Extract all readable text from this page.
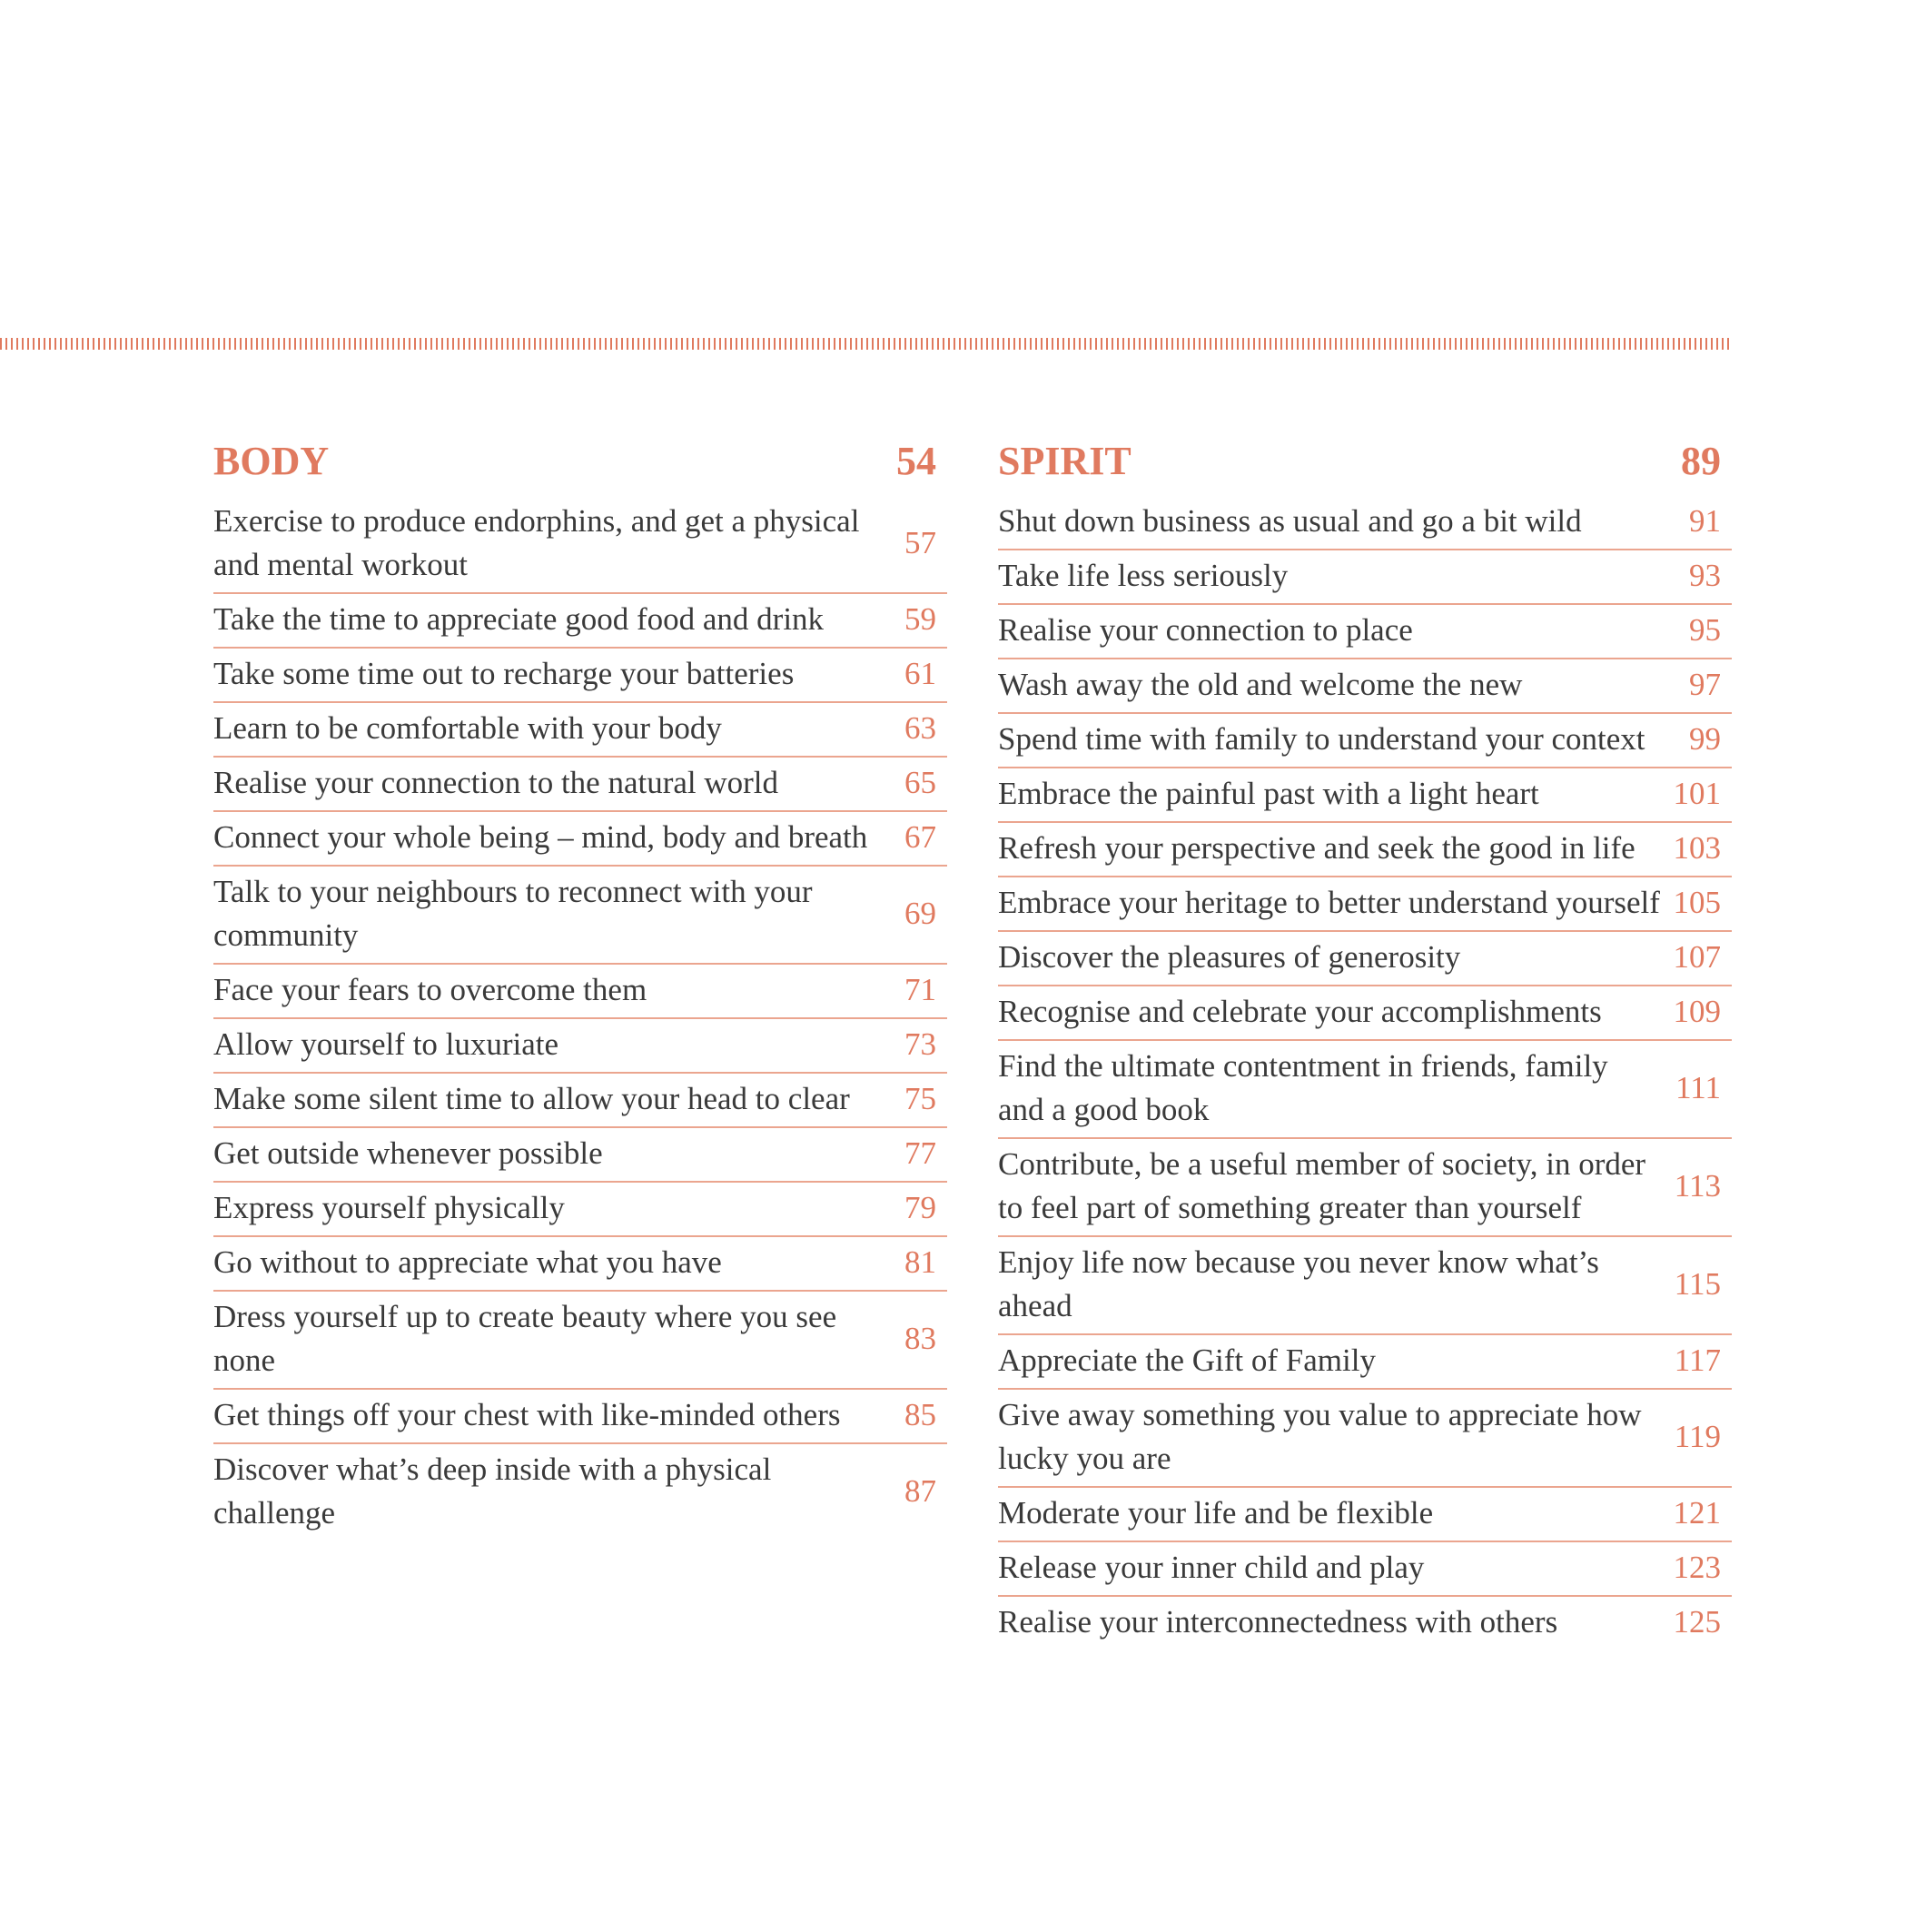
BODY	54
Exercise to produce endorphins, and get a physical and mental workout
57
Take the time to appreciate good food and drink	59
Take some time out to recharge your batteries	61
Learn to be comfortable with your body	63
Realise your connection to the natural world	65
Connect your whole being – mind, body and breath	67
Talk to your neighbours to reconnect with your community
69
Face your fears to overcome them	71
Allow yourself to luxuriate	73
Make some silent time to allow your head to clear	75
Get outside whenever possible	77
Express yourself physically	79
Go without to appreciate what you have	81
Dress yourself up to create beauty where you see none
83
Get things off your chest with like-minded others	85
Discover what’s deep inside with a physical challenge
87
SPIRIT	89
Shut down business as usual and go a bit wild	91
Take life less seriously	93
Realise your connection to place	95
Wash away the old and welcome the new	97
Spend time with family to understand your context	99
Embrace the painful past with a light heart	101
Refresh your perspective and seek the good in life 103
Embrace your heritage to better understand yourself 105
Discover the pleasures of generosity	107
Recognise and celebrate your accomplishments 109
Find the ultimate contentment in friends, family and a good book
111
Contribute, be a useful member of society, in order to feel part of something greater than yourself
113
Enjoy life now because you never know what’s ahead
115
Appreciate the Gift of Family	117
Give away something you value to appreciate how lucky you are
119
Moderate your life and be flexible	121
Release your inner child and play	123
Realise your interconnectedness with others	125
